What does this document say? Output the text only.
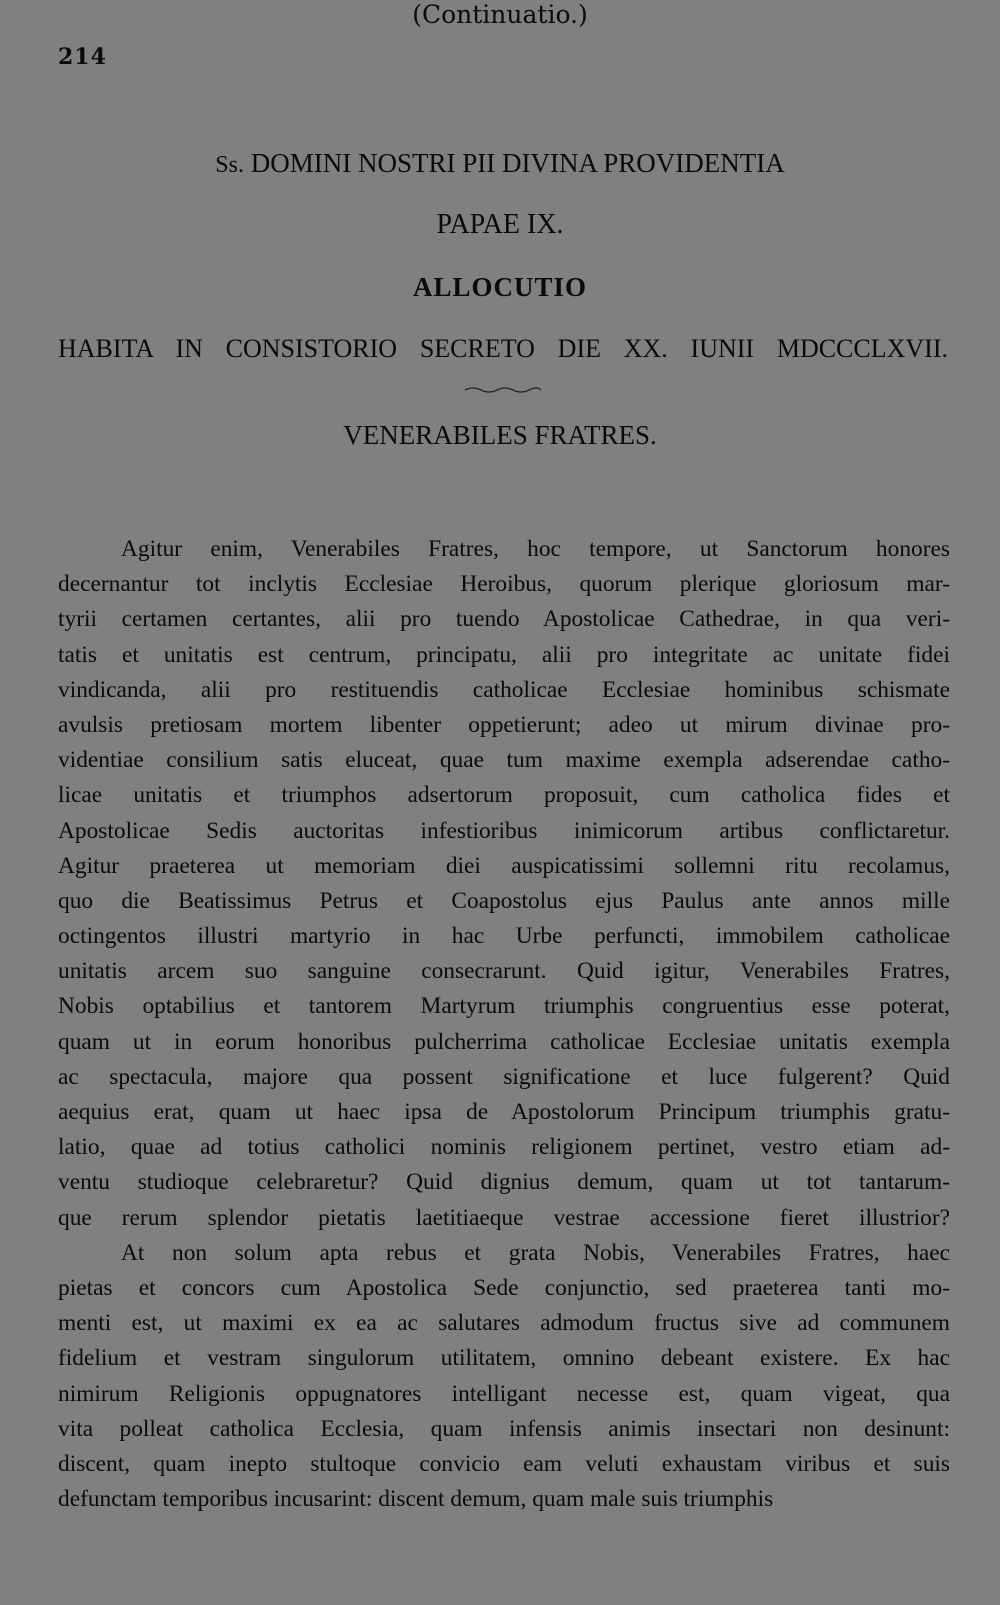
214
Ss. DOMINI NOSTRI PII DIVINA PROVIDENTIA
PAPAE IX.
ALLOCUTIO
HABITA IN CONSISTORIO SECRETO DIE XX. IUNII MDCCCLXVII.
VENERABILES FRATRES.
(Continuatio.)
Agitur enim, Venerabiles Fratres, hoc tempore, ut Sanctorum honores
decernantur tot inclytis Ecclesiae Heroibus, quorum plerique gloriosum mar-
tyrii certamen certantes, alii pro tuendo Apostolicae Cathedrae, in qua veri-
tatis et unitatis est centrum, principatu, alii pro integritate ac unitate fidei
vindicanda, alii pro restituendis catholicae Ecclesiae hominibus schismate
avulsis pretiosam mortem libenter oppetierunt; adeo ut mirum divinae pro-
videntiae consilium satis eluceat, quae tum maxime exempla adserendae catho-
licae unitatis et triumphos adsertorum proposuit, cum catholica fides et
Apostolicae Sedis auctoritas infestioribus inimicorum artibus conflictaretur.
Agitur praeterea ut memoriam diei auspicatissimi sollemni ritu recolamus,
quo die Beatissimus Petrus et Coapostolus ejus Paulus ante annos mille
octingentos illustri martyrio in hac Urbe perfuncti, immobilem catholicae
unitatis arcem suo sanguine consecrarunt. Quid igitur, Venerabiles Fratres,
Nobis optabilius et tantorem Martyrum triumphis congruentius esse poterat,
quam ut in eorum honoribus pulcherrima catholicae Ecclesiae unitatis exempla
ac spectacula, majore qua possent significatione et luce fulgerent? Quid
aequius erat, quam ut haec ipsa de Apostolorum Principum triumphis gratu-
latio, quae ad totius catholici nominis religionem pertinet, vestro etiam ad-
ventu studioque celebraretur? Quid dignius demum, quam ut tot tantarum-
que rerum splendor pietatis laetitiaeque vestrae accessione fieret illustrior?
At non solum apta rebus et grata Nobis, Venerabiles Fratres, haec
pietas et concors cum Apostolica Sede conjunctio, sed praeterea tanti mo-
menti est, ut maximi ex ea ac salutares admodum fructus sive ad communem
fidelium et vestram singulorum utilitatem, omnino debeant existere. Ex hac
nimirum Religionis oppugnatores intelligant necesse est, quam vigeat, qua
vita polleat catholica Ecclesia, quam infensis animis insectari non desinunt:
discent, quam inepto stultoque convicio eam veluti exhaustam viribus et suis
defunctam temporibus incusarint: discent demum, quam male suis triumphis
